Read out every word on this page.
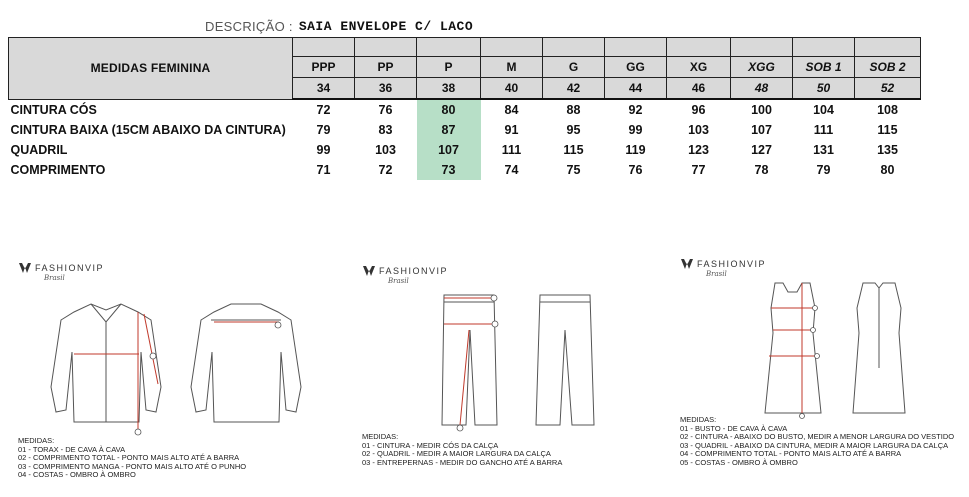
DESCRIÇÃO : SAIA ENVELOPE C/ LACO
MEDIDAS FEMININA										
	PPP	PP	P	M	G	GG	XG	XGG	SOB 1	SOB 2
	34	36	38	40	42	44	46	48	50	52
CINTURA CÓS	72	76	80	84	88	92	96	100	104	108
CINTURA BAIXA (15CM ABAIXO DA CINTURA)	79	83	87	91	95	99	103	107	111	115
QUADRIL	99	103	107	111	115	119	123	127	131	135
COMPRIMENTO	71	72	73	74	75	76	77	78	79	80
FASHIONVIP
Brasil
MEDIDAS:
01 - TORAX - DE CAVA À CAVA
02 - COMPRIMENTO TOTAL - PONTO MAIS ALTO ATÉ A BARRA
03 - COMPRIMENTO MANGA - PONTO MAIS ALTO ATÉ O PUNHO
04 - COSTAS - OMBRO À OMBRO
FASHIONVIP
Brasil
MEDIDAS:
01 - CINTURA - MEDIR CÓS DA CALÇA
02 - QUADRIL - MEDIR A MAIOR LARGURA DA CALÇA
03 - ENTREPERNAS - MEDIR DO GANCHO ATÉ A BARRA
FASHIONVIP
Brasil
MEDIDAS:
01 - BUSTO - DE CAVA À CAVA
02 - CINTURA - ABAIXO DO BUSTO, MEDIR A MENOR LARGURA DO VESTIDO
03 - QUADRIL - ABAIXO DA CINTURA, MEDIR A MAIOR LARGURA DA CALÇA
04 - COMPRIMENTO TOTAL - PONTO MAIS ALTO ATÉ A BARRA
05 - COSTAS - OMBRO À OMBRO
